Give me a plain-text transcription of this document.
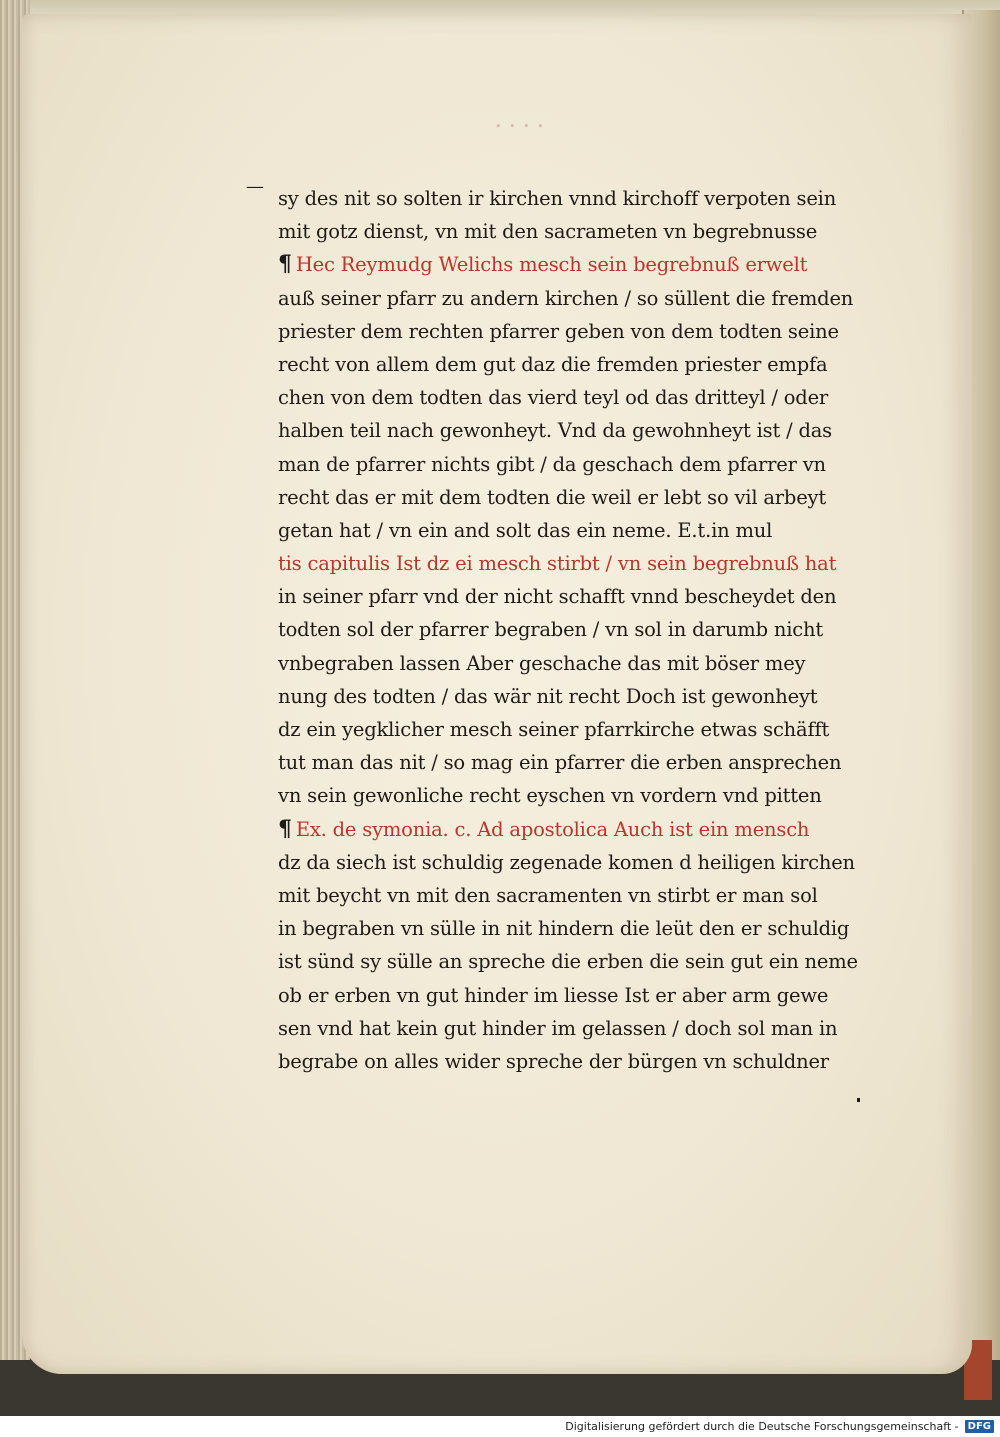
• • • •
—
sy des nit so solten ir kirchen vnnd kirchoff verpoten sein
mit gotz dienst, vn mit den sacrameten vn begrebnusse
¶ Hec Reymudg Welichs mesch sein begrebnuß erwelt
auß seiner pfarr zu andern kirchen / so süllent die fremden
priester dem rechten pfarrer geben von dem todten seine
recht von allem dem gut daz die fremden priester empfa
chen von dem todten das vierd teyl od das dritteyl / oder
halben teil nach gewonheyt. Vnd da gewohnheyt ist / das
man de pfarrer nichts gibt / da geschach dem pfarrer vn
recht das er mit dem todten die weil er lebt so vil arbeyt
getan hat / vn ein and solt das ein neme. E.t.in mul
tis capitulis Ist dz ei mesch stirbt / vn sein begrebnuß hat
in seiner pfarr vnd der nicht schafft vnnd bescheydet den
todten sol der pfarrer begraben / vn sol in darumb nicht
vnbegraben lassen Aber geschache das mit böser mey
nung des todten / das wär nit recht Doch ist gewonheyt
dz ein yegklicher mesch seiner pfarrkirche etwas schäfft
tut man das nit / so mag ein pfarrer die erben ansprechen
vn sein gewonliche recht eyschen vn vordern vnd pitten
¶ Ex. de symonia. c. Ad apostolica Auch ist ein mensch
dz da siech ist schuldig zegenade komen d heiligen kirchen
mit beycht vn mit den sacramenten vn stirbt er man sol
in begraben vn sülle in nit hindern die leüt den er schuldig
ist sünd sy sülle an spreche die erben die sein gut ein neme
ob er erben vn gut hinder im liesse Ist er aber arm gewe
sen vnd hat kein gut hinder im gelassen / doch sol man in
begrabe on alles wider spreche der bürgen vn schuldner
Digitalisierung gefördert durch die Deutsche Forschungsgemeinschaft - DFG
